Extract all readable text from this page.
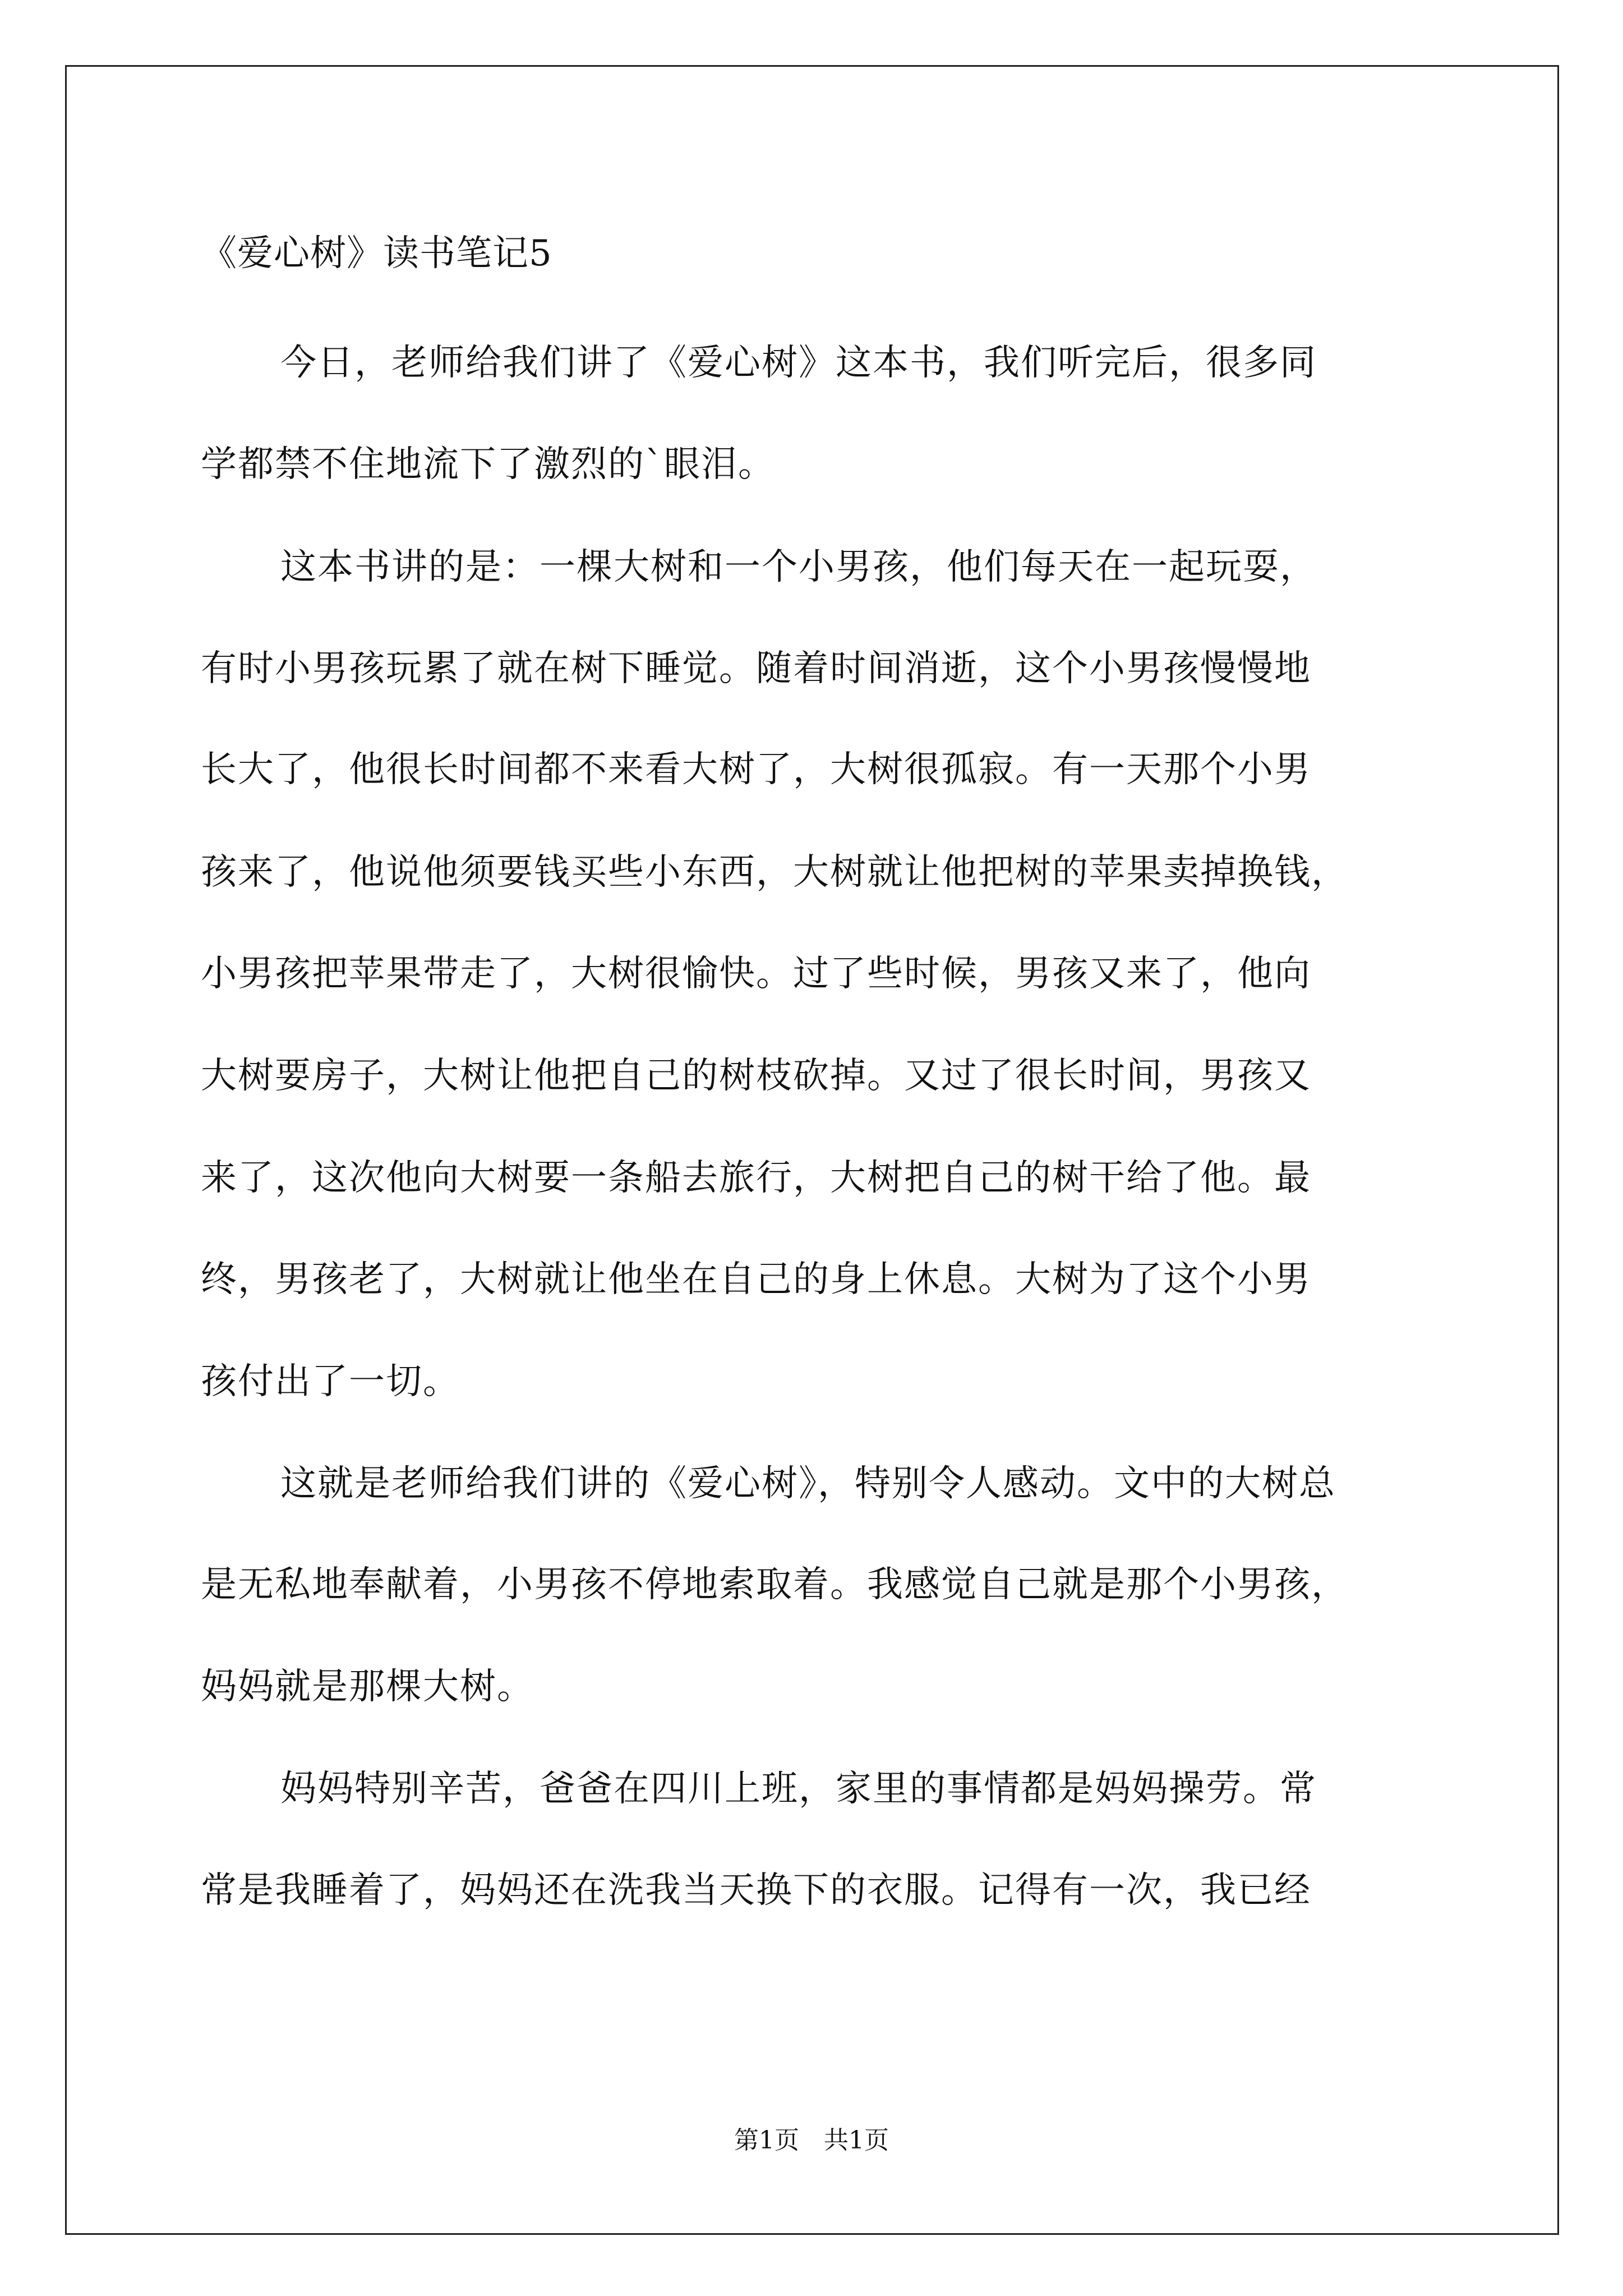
《爱心树》读书笔记5
今日，老师给我们讲了《爱心树》这本书，我们听完后，很多同
学都禁不住地流下了激烈的`眼泪。
这本书讲的是：一棵大树和一个小男孩，他们每天在一起玩耍，
有时小男孩玩累了就在树下睡觉。随着时间消逝，这个小男孩慢慢地
长大了，他很长时间都不来看大树了，大树很孤寂。有一天那个小男
孩来了，他说他须要钱买些小东西，大树就让他把树的苹果卖掉换钱，
小男孩把苹果带走了，大树很愉快。过了些时候，男孩又来了，他向
大树要房子，大树让他把自己的树枝砍掉。又过了很长时间，男孩又
来了，这次他向大树要一条船去旅行，大树把自己的树干给了他。最
终，男孩老了，大树就让他坐在自己的身上休息。大树为了这个小男
孩付出了一切。
这就是老师给我们讲的《爱心树》，特别令人感动。文中的大树总
是无私地奉献着，小男孩不停地索取着。我感觉自己就是那个小男孩，
妈妈就是那棵大树。
妈妈特别辛苦，爸爸在四川上班，家里的事情都是妈妈操劳。常
常是我睡着了，妈妈还在洗我当天换下的衣服。记得有一次，我已经
第1页　共1页
